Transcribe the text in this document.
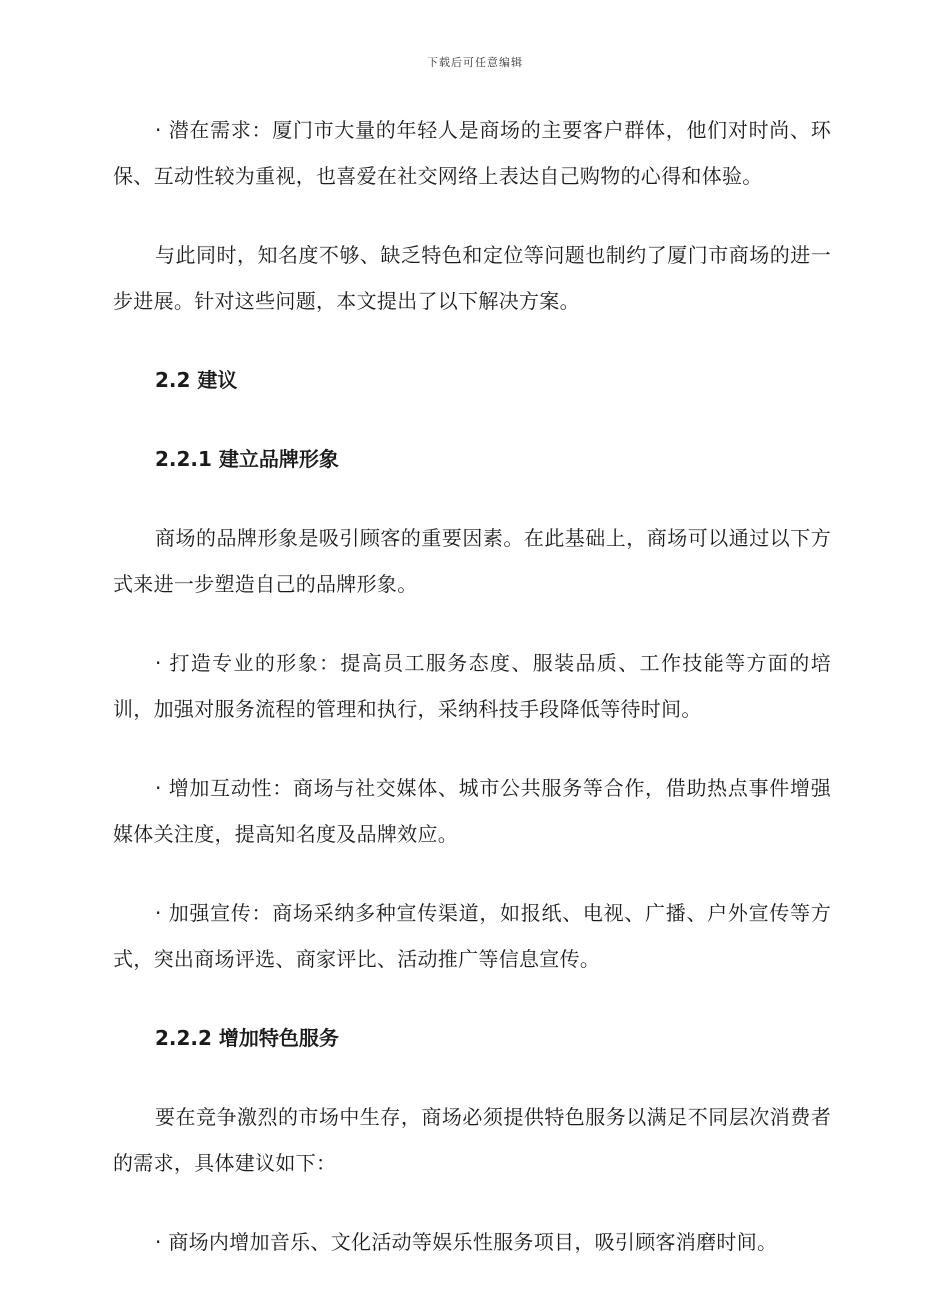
下载后可任意编辑

· 潜在需求：厦门市大量的年轻人是商场的主要客户群体，他们对时尚、环保、互动性较为重视，也喜爱在社交网络上表达自己购物的心得和体验。

与此同时，知名度不够、缺乏特色和定位等问题也制约了厦门市商场的进一步进展。针对这些问题，本文提出了以下解决方案。

2.2 建议

2.2.1 建立品牌形象

商场的品牌形象是吸引顾客的重要因素。在此基础上，商场可以通过以下方式来进一步塑造自己的品牌形象。

· 打造专业的形象：提高员工服务态度、服装品质、工作技能等方面的培训，加强对服务流程的管理和执行，采纳科技手段降低等待时间。

· 增加互动性：商场与社交媒体、城市公共服务等合作，借助热点事件增强媒体关注度，提高知名度及品牌效应。

· 加强宣传：商场采纳多种宣传渠道，如报纸、电视、广播、户外宣传等方式，突出商场评选、商家评比、活动推广等信息宣传。

2.2.2 增加特色服务

要在竞争激烈的市场中生存，商场必须提供特色服务以满足不同层次消费者的需求，具体建议如下：

· 商场内增加音乐、文化活动等娱乐性服务项目，吸引顾客消磨时间。
